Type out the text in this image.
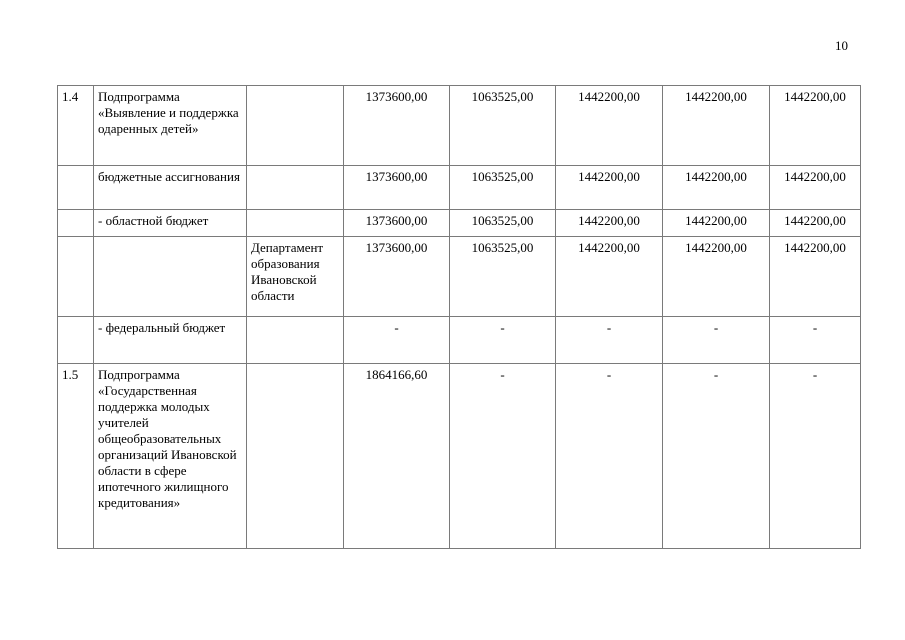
10
1.4	Подпрограмма «Выявление и поддержка одаренных детей»		1373600,00	1063525,00	1442200,00	1442200,00	1442200,00
	бюджетные ассигнования		1373600,00	1063525,00	1442200,00	1442200,00	1442200,00
	- областной бюджет		1373600,00	1063525,00	1442200,00	1442200,00	1442200,00
		Департамент образования Ивановской области	1373600,00	1063525,00	1442200,00	1442200,00	1442200,00
	- федеральный бюджет		-	-	-	-	-
1.5	Подпрограмма «Государственная поддержка молодых учителей общеобразовательных организаций Ивановской области в сфере ипотечного жилищного кредитования»		1864166,60	-	-	-	-
